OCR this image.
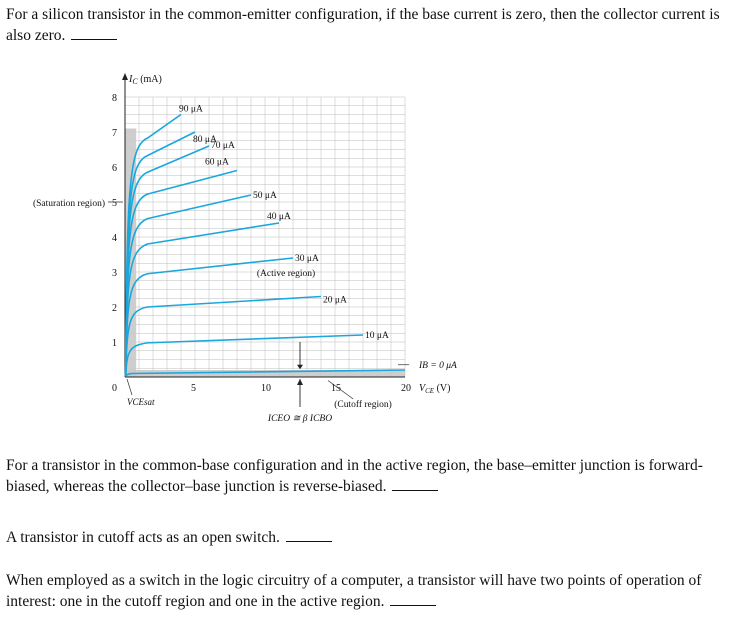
For a silicon transistor in the common-emitter configuration, if the base current is zero, then the collector current is also zero.

1
2
3
4
5
6
7
8
0	5	10	15	20
$I_C$ (mA)
$V_{CE}$ (V)
10 μA
20 μA
30 μA
40 μA
50 μA
60 μA
70 μA
80 μA
90 μA
(Saturation region)
(Active region)
(Cutoff region)
IB = 0 μA
VCEsat
ICEO ≅ β ICBO

For a transistor in the common-base configuration and in the active region, the base–emitter junction is forward-biased, whereas the collector–base junction is reverse-biased.

A transistor in cutoff acts as an open switch.

When employed as a switch in the logic circuitry of a computer, a transistor will have two points of operation of interest: one in the cutoff region and one in the active region.
